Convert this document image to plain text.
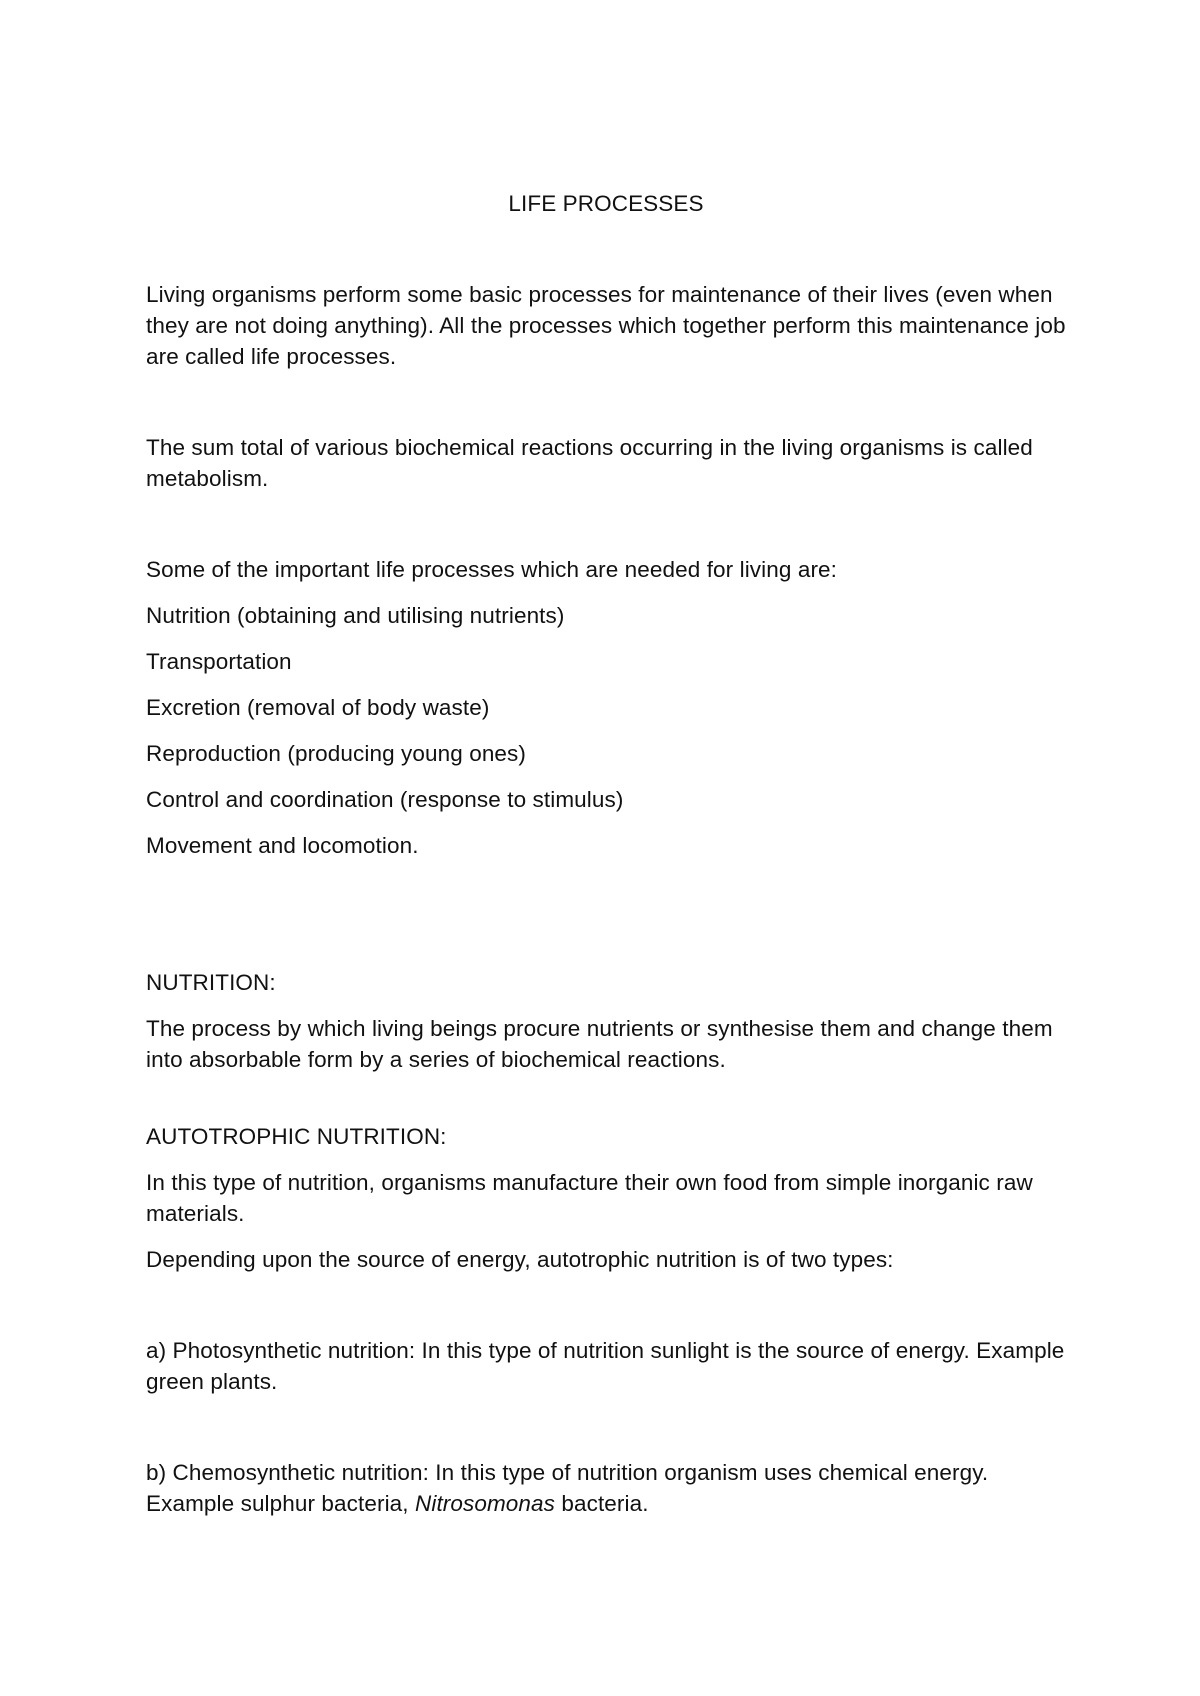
LIFE PROCESSES

Living organisms perform some basic processes for maintenance of their lives (even when they are not doing anything). All the processes which together perform this maintenance job are called life processes.

The sum total of various biochemical reactions occurring in the living organisms is called metabolism.

Some of the important life processes which are needed for living are:

Nutrition (obtaining and utilising nutrients)

Transportation

Excretion (removal of body waste)

Reproduction (producing young ones)

Control and coordination (response to stimulus)

Movement and locomotion.

NUTRITION:

The process by which living beings procure nutrients or synthesise them and change them into absorbable form by a series of biochemical reactions.

AUTOTROPHIC NUTRITION:

In this type of nutrition, organisms manufacture their own food from simple inorganic raw materials.

Depending upon the source of energy, autotrophic nutrition is of two types:

a) Photosynthetic nutrition: In this type of nutrition sunlight is the source of energy. Example green plants.

b) Chemosynthetic nutrition: In this type of nutrition organism uses chemical energy. Example sulphur bacteria, Nitrosomonas bacteria.
